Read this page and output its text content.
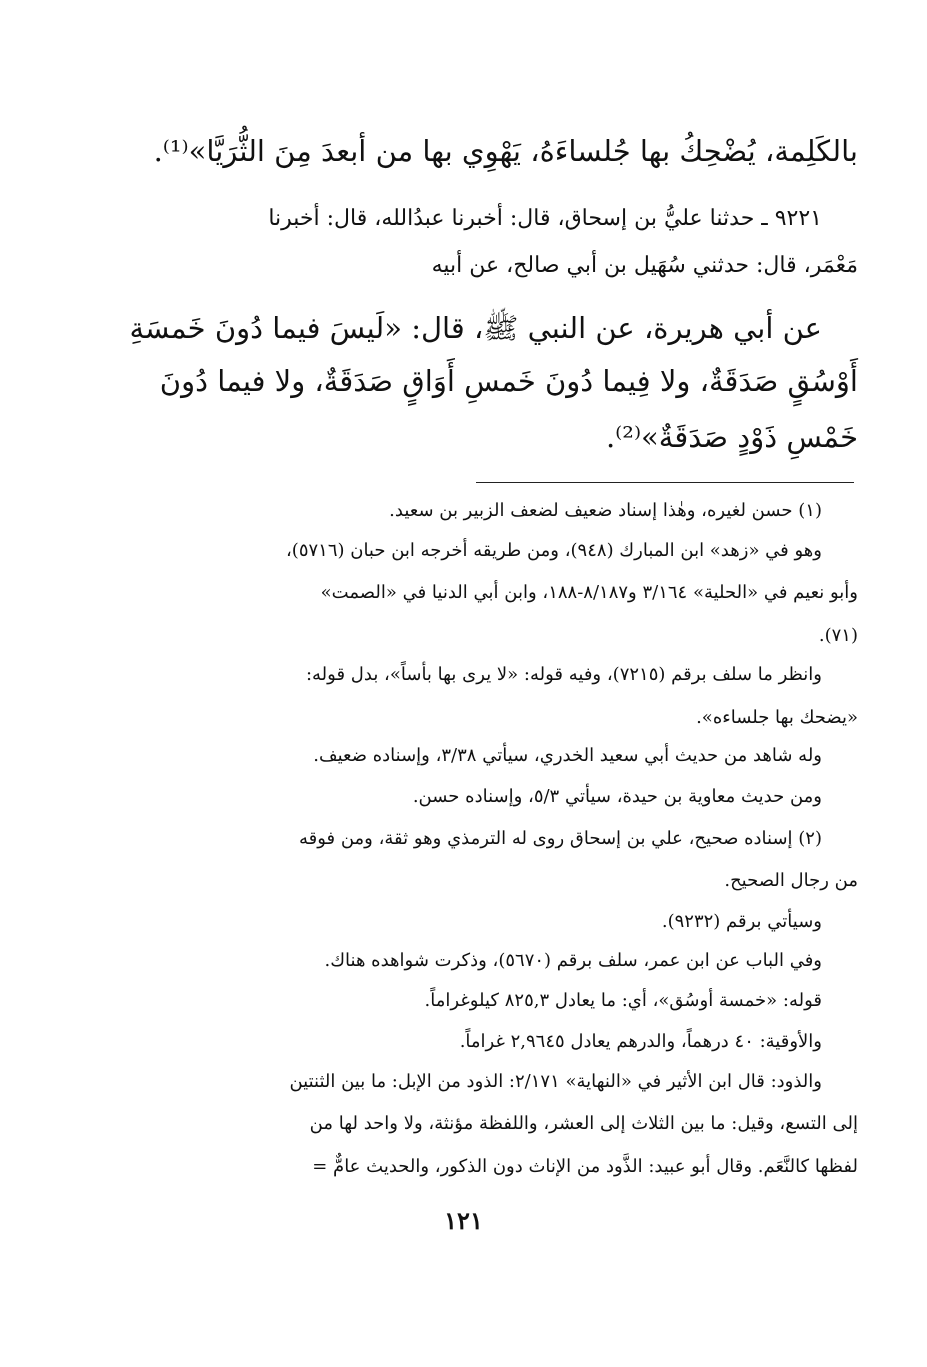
بالكَلِمة، يُضْحِكُ بها جُلساءَهُ، يَهْوِي بها من أبعدَ مِنَ الثُّرَيَّا»⁽¹⁾.
٩٢٢١ ـ حدثنا عليُّ بن إسحاق، قال: أخبرنا عبدُالله، قال: أخبرنا
مَعْمَر، قال: حدثني سُهَيل بن أبي صالح، عن أبيه
عن أبي هريرة، عن النبي ﷺ، قال: «لَيسَ فيما دُونَ خَمسَةِ
أَوْسُقٍ صَدَقَةٌ، ولا فِيما دُونَ خَمسِ أَوَاقٍ صَدَقَةٌ، ولا فيما دُونَ
خَمْسِ ذَوْدٍ صَدَقَةٌ»⁽²⁾.
(١) حسن لغيره، وهٰذا إسناد ضعيف لضعف الزبير بن سعيد.
وهو في «زهد» ابن المبارك (٩٤٨)، ومن طريقه أخرجه ابن حبان (٥٧١٦)،
وأبو نعيم في «الحلية» ٣/١٦٤ و٨/١٨٧-١٨٨، وابن أبي الدنيا في «الصمت»
(٧١).
وانظر ما سلف برقم (٧٢١٥)، وفيه قوله: «لا يرى بها بأساً»، بدل قوله:
«يضحك بها جلساءه».
وله شاهد من حديث أبي سعيد الخدري، سيأتي ٣/٣٨، وإسناده ضعيف.
ومن حديث معاوية بن حيدة، سيأتي ٥/٣، وإسناده حسن.
(٢) إسناده صحيح، علي بن إسحاق روى له الترمذي وهو ثقة، ومن فوقه
من رجال الصحيح.
وسيأتي برقم (٩٢٣٢).
وفي الباب عن ابن عمر، سلف برقم (٥٦٧٠)، وذكرت شواهده هناك.
قوله: «خمسة أوسُق»، أي: ما يعادل ٨٢٥,٣ كيلوغراماً.
والأوقية: ٤٠ درهماً، والدرهم يعادل ٢,٩٦٤٥ غراماً.
والذود: قال ابن الأثير في «النهاية» ٢/١٧١: الذود من الإبل: ما بين الثنتين
إلى التسع، وقيل: ما بين الثلاث إلى العشر، واللفظة مؤنثة، ولا واحد لها من
لفظها كالنَّعَم. وقال أبو عبيد: الذَّود من الإناث دون الذكور، والحديث عامٌّ =
١٢١
